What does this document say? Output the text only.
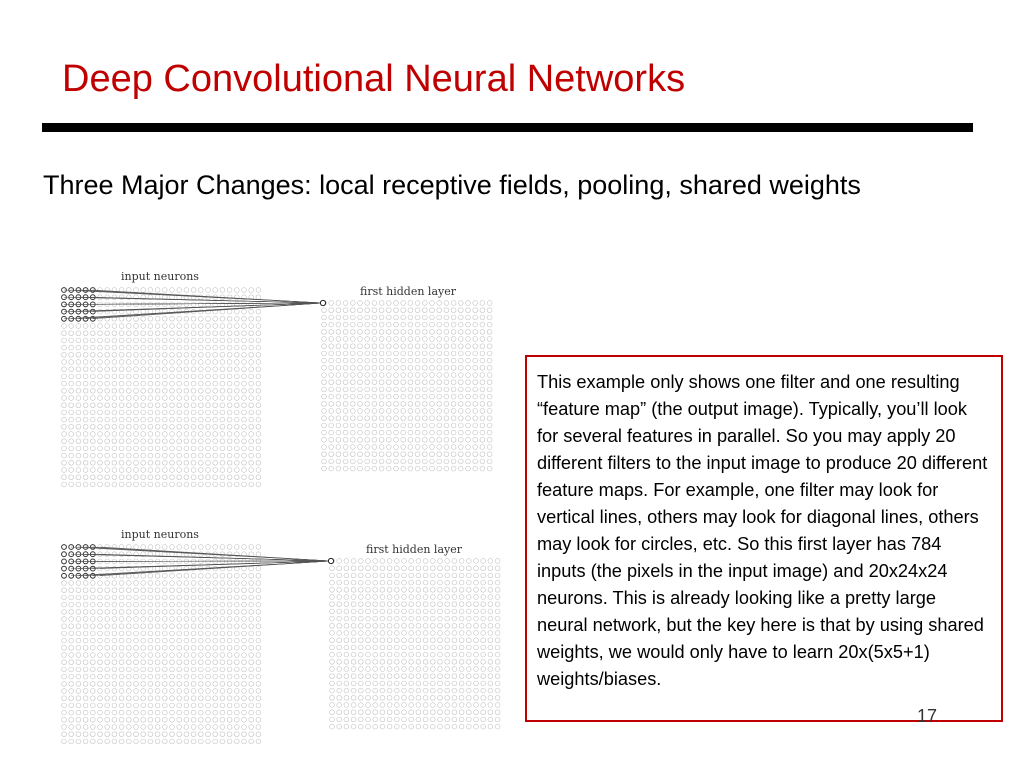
Deep Convolutional Neural Networks
Three Major Changes: local receptive fields, pooling, shared weights
input neurons
first hidden layer
input neurons
first hidden layer
This example only shows one filter and one resulting “feature map” (the output image). Typically, you’ll look for several features in parallel. So you may apply 20 different filters to the input image to produce 20 different feature maps. For example, one filter may look for vertical lines, others may look for diagonal lines, others may look for circles, etc. So this first layer has 784 inputs (the pixels in the input image) and 20x24x24 neurons. This is already looking like a pretty large neural network, but the key here is that by using shared weights, we would only have to learn 20x(5x5+1) weights/biases.
17
